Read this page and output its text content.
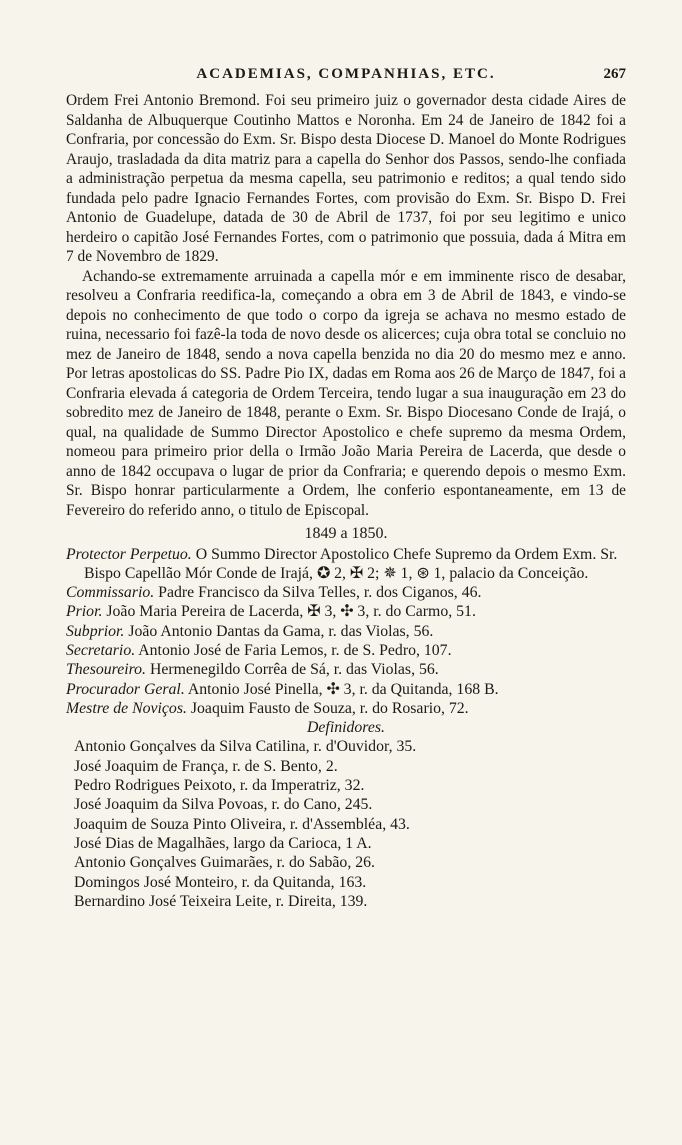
ACADEMIAS, COMPANHIAS, ETC.	267

Ordem Frei Antonio Bremond. Foi seu primeiro juiz o governador desta cidade Aires de Saldanha de Albuquerque Coutinho Mattos e Noronha. Em 24 de Janeiro de 1842 foi a Confraria, por concessão do Exm. Sr. Bispo desta Diocese D. Manoel do Monte Rodrigues Araujo, trasladada da dita matriz para a capella do Senhor dos Passos, sendo-lhe confiada a administração perpetua da mesma capella, seu patrimonio e reditos; a qual tendo sido fundada pelo padre Ignacio Fernandes Fortes, com provisão do Exm. Sr. Bispo D. Frei Antonio de Guadelupe, datada de 30 de Abril de 1737, foi por seu legitimo e unico herdeiro o capitão José Fernandes Fortes, com o patrimonio que possuia, dada á Mitra em 7 de Novembro de 1829.

Achando-se extremamente arruinada a capella mór e em imminente risco de desabar, resolveu a Confraria reedifica-la, começando a obra em 3 de Abril de 1843, e vindo-se depois no conhecimento de que todo o corpo da igreja se achava no mesmo estado de ruina, necessario foi fazê-la toda de novo desde os alicerces; cuja obra total se concluio no mez de Janeiro de 1848, sendo a nova capella benzida no dia 20 do mesmo mez e anno. Por letras apostolicas do SS. Padre Pio IX, dadas em Roma aos 26 de Março de 1847, foi a Confraria elevada á categoria de Ordem Terceira, tendo lugar a sua inauguração em 23 do sobredito mez de Janeiro de 1848, perante o Exm. Sr. Bispo Diocesano Conde de Irajá, o qual, na qualidade de Summo Director Apostolico e chefe supremo da mesma Ordem, nomeou para primeiro prior della o Irmão João Maria Pereira de Lacerda, que desde o anno de 1842 occupava o lugar de prior da Confraria; e querendo depois o mesmo Exm. Sr. Bispo honrar particularmente a Ordem, lhe conferio espontaneamente, em 13 de Fevereiro do referido anno, o titulo de Episcopal.

1849 a 1850.
Protector Perpetuo. O Summo Director Apostolico Chefe Supremo da Ordem Exm. Sr. Bispo Capellão Mór Conde de Irajá, ✪ 2, ✠ 2; ✵ 1, ⊛ 1, palacio da Conceição.
Commissario. Padre Francisco da Silva Telles, r. dos Ciganos, 46.
Prior. João Maria Pereira de Lacerda, ✠ 3, ✣ 3, r. do Carmo, 51.
Subprior. João Antonio Dantas da Gama, r. das Violas, 56.
Secretario. Antonio José de Faria Lemos, r. de S. Pedro, 107.
Thesoureiro. Hermenegildo Corrêa de Sá, r. das Violas, 56.
Procurador Geral. Antonio José Pinella, ✣ 3, r. da Quitanda, 168 B.
Mestre de Noviços. Joaquim Fausto de Souza, r. do Rosario, 72.
Definidores.
Antonio Gonçalves da Silva Catilina, r. d'Ouvidor, 35.
José Joaquim de França, r. de S. Bento, 2.
Pedro Rodrigues Peixoto, r. da Imperatriz, 32.
José Joaquim da Silva Povoas, r. do Cano, 245.
Joaquim de Souza Pinto Oliveira, r. d'Assembléa, 43.
José Dias de Magalhães, largo da Carioca, 1 A.
Antonio Gonçalves Guimarães, r. do Sabão, 26.
Domingos José Monteiro, r. da Quitanda, 163.
Bernardino José Teixeira Leite, r. Direita, 139.
